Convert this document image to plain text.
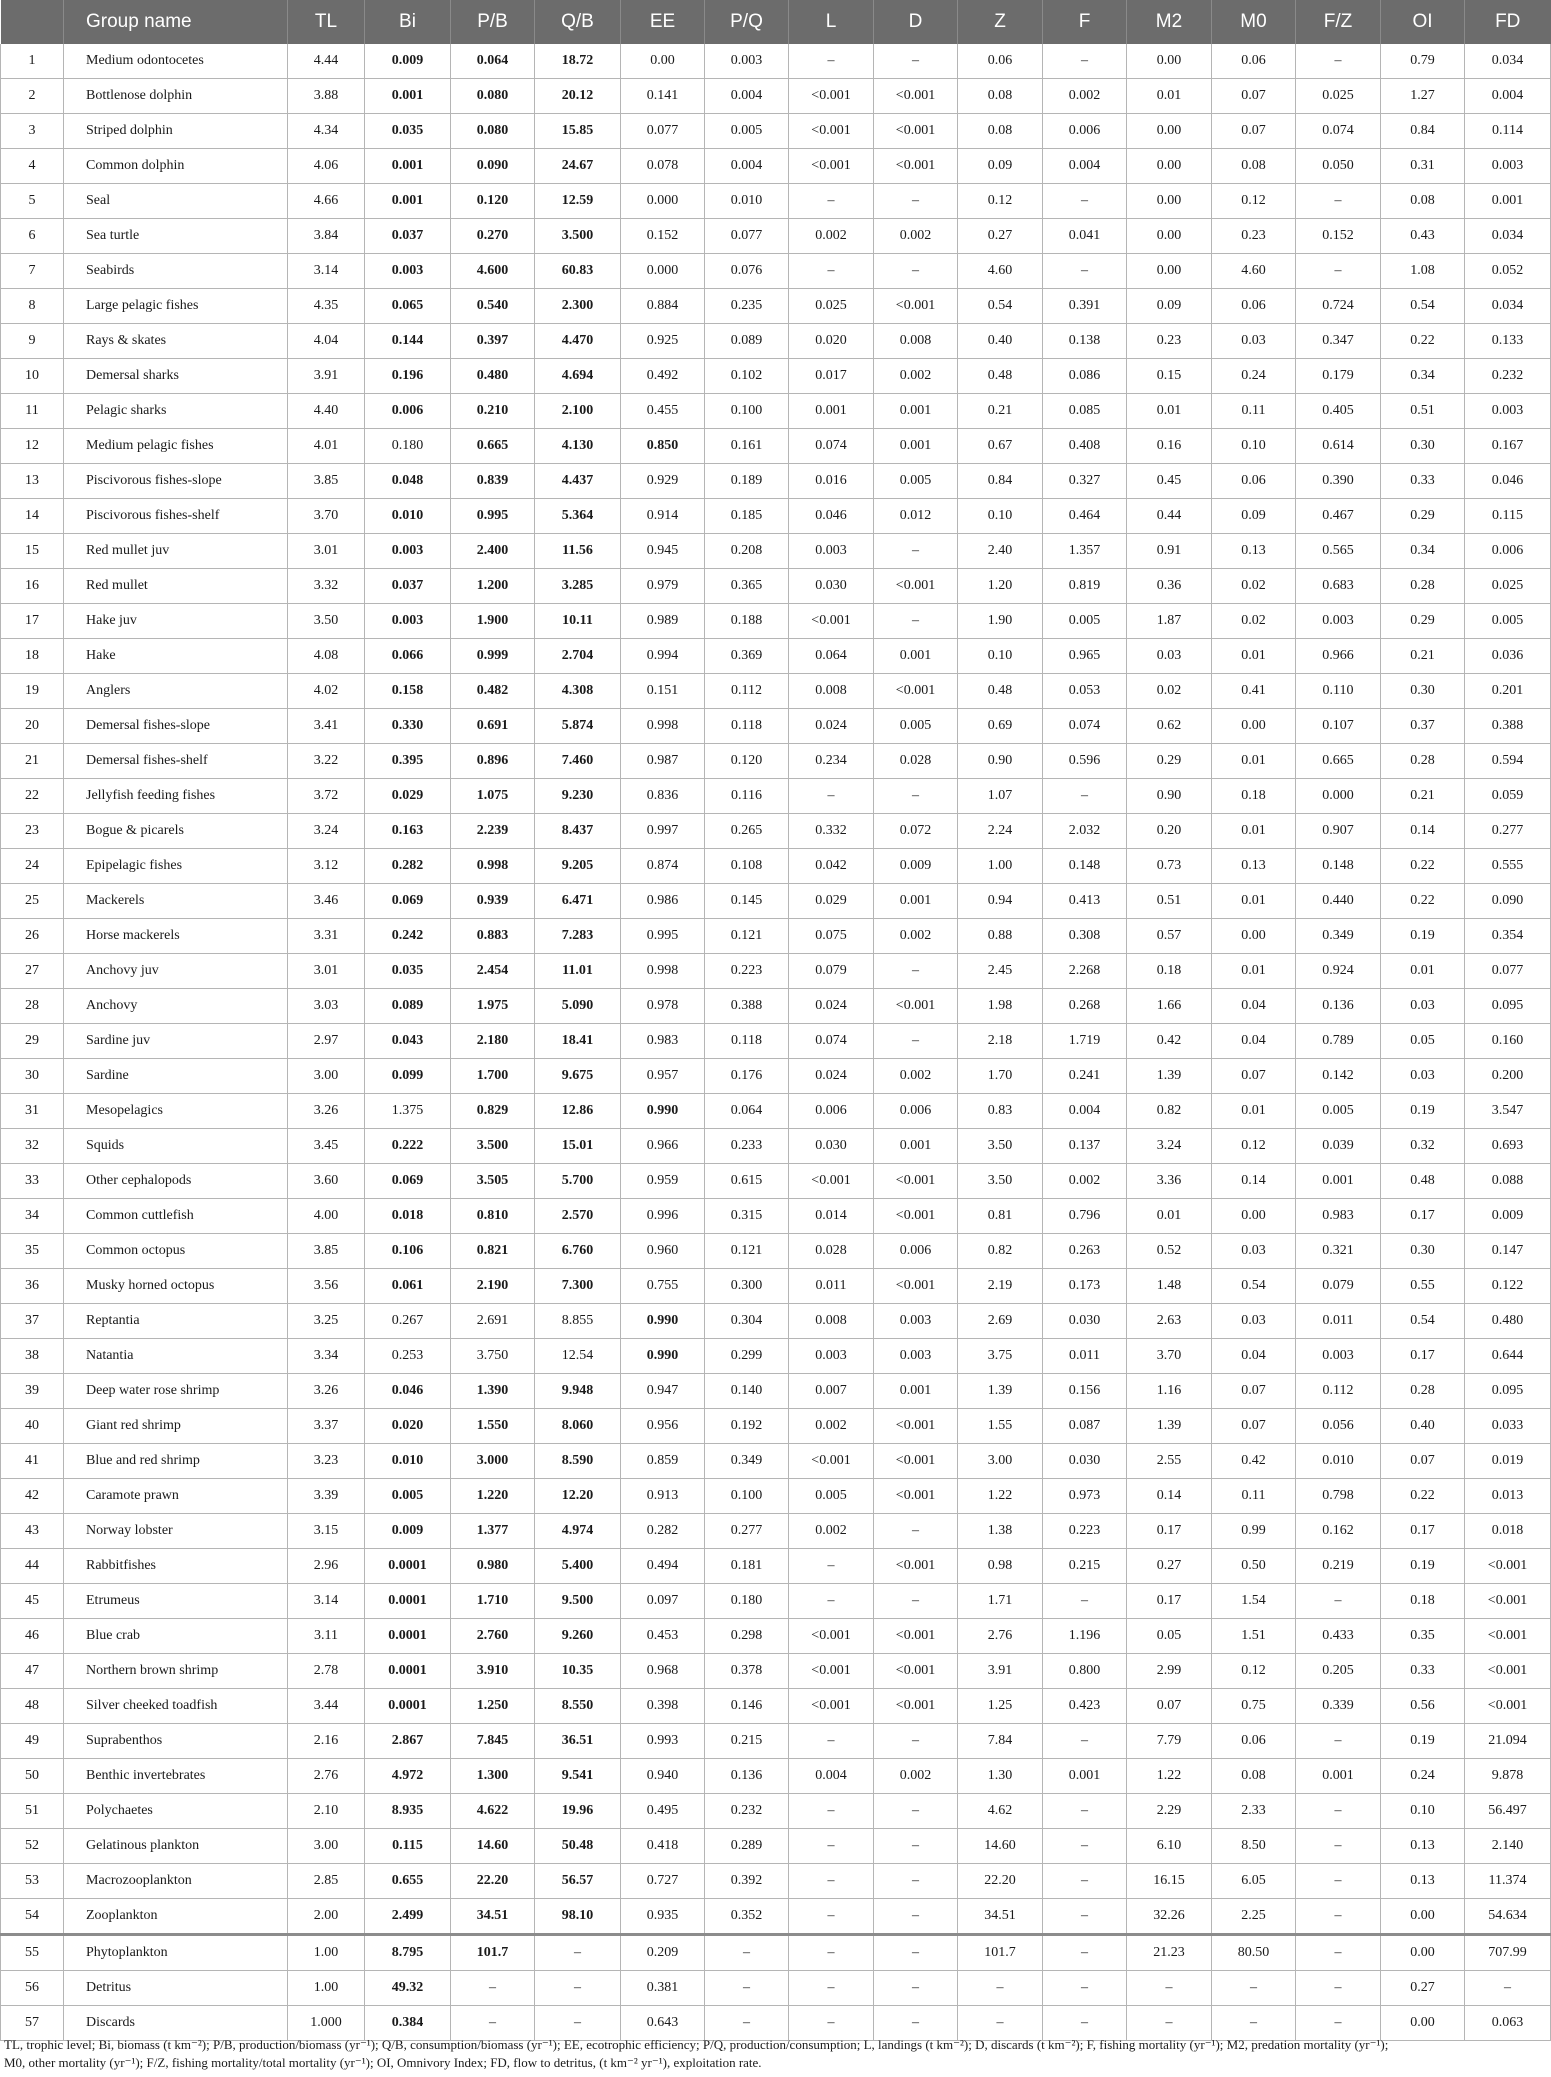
	Group name	TL	Bi	P/B	Q/B	EE	P/Q	L	D	Z	F	M2	M0	F/Z	OI	FD
1	Medium odontocetes	4.44	0.009	0.064	18.72	0.00	0.003	–	–	0.06	–	0.00	0.06	–	0.79	0.034
2	Bottlenose dolphin	3.88	0.001	0.080	20.12	0.141	0.004	<0.001	<0.001	0.08	0.002	0.01	0.07	0.025	1.27	0.004
3	Striped dolphin	4.34	0.035	0.080	15.85	0.077	0.005	<0.001	<0.001	0.08	0.006	0.00	0.07	0.074	0.84	0.114
4	Common dolphin	4.06	0.001	0.090	24.67	0.078	0.004	<0.001	<0.001	0.09	0.004	0.00	0.08	0.050	0.31	0.003
5	Seal	4.66	0.001	0.120	12.59	0.000	0.010	–	–	0.12	–	0.00	0.12	–	0.08	0.001
6	Sea turtle	3.84	0.037	0.270	3.500	0.152	0.077	0.002	0.002	0.27	0.041	0.00	0.23	0.152	0.43	0.034
7	Seabirds	3.14	0.003	4.600	60.83	0.000	0.076	–	–	4.60	–	0.00	4.60	–	1.08	0.052
8	Large pelagic fishes	4.35	0.065	0.540	2.300	0.884	0.235	0.025	<0.001	0.54	0.391	0.09	0.06	0.724	0.54	0.034
9	Rays & skates	4.04	0.144	0.397	4.470	0.925	0.089	0.020	0.008	0.40	0.138	0.23	0.03	0.347	0.22	0.133
10	Demersal sharks	3.91	0.196	0.480	4.694	0.492	0.102	0.017	0.002	0.48	0.086	0.15	0.24	0.179	0.34	0.232
11	Pelagic sharks	4.40	0.006	0.210	2.100	0.455	0.100	0.001	0.001	0.21	0.085	0.01	0.11	0.405	0.51	0.003
12	Medium pelagic fishes	4.01	0.180	0.665	4.130	0.850	0.161	0.074	0.001	0.67	0.408	0.16	0.10	0.614	0.30	0.167
13	Piscivorous fishes-slope	3.85	0.048	0.839	4.437	0.929	0.189	0.016	0.005	0.84	0.327	0.45	0.06	0.390	0.33	0.046
14	Piscivorous fishes-shelf	3.70	0.010	0.995	5.364	0.914	0.185	0.046	0.012	0.10	0.464	0.44	0.09	0.467	0.29	0.115
15	Red mullet juv	3.01	0.003	2.400	11.56	0.945	0.208	0.003	–	2.40	1.357	0.91	0.13	0.565	0.34	0.006
16	Red mullet	3.32	0.037	1.200	3.285	0.979	0.365	0.030	<0.001	1.20	0.819	0.36	0.02	0.683	0.28	0.025
17	Hake juv	3.50	0.003	1.900	10.11	0.989	0.188	<0.001	–	1.90	0.005	1.87	0.02	0.003	0.29	0.005
18	Hake	4.08	0.066	0.999	2.704	0.994	0.369	0.064	0.001	0.10	0.965	0.03	0.01	0.966	0.21	0.036
19	Anglers	4.02	0.158	0.482	4.308	0.151	0.112	0.008	<0.001	0.48	0.053	0.02	0.41	0.110	0.30	0.201
20	Demersal fishes-slope	3.41	0.330	0.691	5.874	0.998	0.118	0.024	0.005	0.69	0.074	0.62	0.00	0.107	0.37	0.388
21	Demersal fishes-shelf	3.22	0.395	0.896	7.460	0.987	0.120	0.234	0.028	0.90	0.596	0.29	0.01	0.665	0.28	0.594
22	Jellyfish feeding fishes	3.72	0.029	1.075	9.230	0.836	0.116	–	–	1.07	–	0.90	0.18	0.000	0.21	0.059
23	Bogue & picarels	3.24	0.163	2.239	8.437	0.997	0.265	0.332	0.072	2.24	2.032	0.20	0.01	0.907	0.14	0.277
24	Epipelagic fishes	3.12	0.282	0.998	9.205	0.874	0.108	0.042	0.009	1.00	0.148	0.73	0.13	0.148	0.22	0.555
25	Mackerels	3.46	0.069	0.939	6.471	0.986	0.145	0.029	0.001	0.94	0.413	0.51	0.01	0.440	0.22	0.090
26	Horse mackerels	3.31	0.242	0.883	7.283	0.995	0.121	0.075	0.002	0.88	0.308	0.57	0.00	0.349	0.19	0.354
27	Anchovy juv	3.01	0.035	2.454	11.01	0.998	0.223	0.079	–	2.45	2.268	0.18	0.01	0.924	0.01	0.077
28	Anchovy	3.03	0.089	1.975	5.090	0.978	0.388	0.024	<0.001	1.98	0.268	1.66	0.04	0.136	0.03	0.095
29	Sardine juv	2.97	0.043	2.180	18.41	0.983	0.118	0.074	–	2.18	1.719	0.42	0.04	0.789	0.05	0.160
30	Sardine	3.00	0.099	1.700	9.675	0.957	0.176	0.024	0.002	1.70	0.241	1.39	0.07	0.142	0.03	0.200
31	Mesopelagics	3.26	1.375	0.829	12.86	0.990	0.064	0.006	0.006	0.83	0.004	0.82	0.01	0.005	0.19	3.547
32	Squids	3.45	0.222	3.500	15.01	0.966	0.233	0.030	0.001	3.50	0.137	3.24	0.12	0.039	0.32	0.693
33	Other cephalopods	3.60	0.069	3.505	5.700	0.959	0.615	<0.001	<0.001	3.50	0.002	3.36	0.14	0.001	0.48	0.088
34	Common cuttlefish	4.00	0.018	0.810	2.570	0.996	0.315	0.014	<0.001	0.81	0.796	0.01	0.00	0.983	0.17	0.009
35	Common octopus	3.85	0.106	0.821	6.760	0.960	0.121	0.028	0.006	0.82	0.263	0.52	0.03	0.321	0.30	0.147
36	Musky horned octopus	3.56	0.061	2.190	7.300	0.755	0.300	0.011	<0.001	2.19	0.173	1.48	0.54	0.079	0.55	0.122
37	Reptantia	3.25	0.267	2.691	8.855	0.990	0.304	0.008	0.003	2.69	0.030	2.63	0.03	0.011	0.54	0.480
38	Natantia	3.34	0.253	3.750	12.54	0.990	0.299	0.003	0.003	3.75	0.011	3.70	0.04	0.003	0.17	0.644
39	Deep water rose shrimp	3.26	0.046	1.390	9.948	0.947	0.140	0.007	0.001	1.39	0.156	1.16	0.07	0.112	0.28	0.095
40	Giant red shrimp	3.37	0.020	1.550	8.060	0.956	0.192	0.002	<0.001	1.55	0.087	1.39	0.07	0.056	0.40	0.033
41	Blue and red shrimp	3.23	0.010	3.000	8.590	0.859	0.349	<0.001	<0.001	3.00	0.030	2.55	0.42	0.010	0.07	0.019
42	Caramote prawn	3.39	0.005	1.220	12.20	0.913	0.100	0.005	<0.001	1.22	0.973	0.14	0.11	0.798	0.22	0.013
43	Norway lobster	3.15	0.009	1.377	4.974	0.282	0.277	0.002	–	1.38	0.223	0.17	0.99	0.162	0.17	0.018
44	Rabbitfishes	2.96	0.0001	0.980	5.400	0.494	0.181	–	<0.001	0.98	0.215	0.27	0.50	0.219	0.19	<0.001
45	Etrumeus	3.14	0.0001	1.710	9.500	0.097	0.180	–	–	1.71	–	0.17	1.54	–	0.18	<0.001
46	Blue crab	3.11	0.0001	2.760	9.260	0.453	0.298	<0.001	<0.001	2.76	1.196	0.05	1.51	0.433	0.35	<0.001
47	Northern brown shrimp	2.78	0.0001	3.910	10.35	0.968	0.378	<0.001	<0.001	3.91	0.800	2.99	0.12	0.205	0.33	<0.001
48	Silver cheeked toadfish	3.44	0.0001	1.250	8.550	0.398	0.146	<0.001	<0.001	1.25	0.423	0.07	0.75	0.339	0.56	<0.001
49	Suprabenthos	2.16	2.867	7.845	36.51	0.993	0.215	–	–	7.84	–	7.79	0.06	–	0.19	21.094
50	Benthic invertebrates	2.76	4.972	1.300	9.541	0.940	0.136	0.004	0.002	1.30	0.001	1.22	0.08	0.001	0.24	9.878
51	Polychaetes	2.10	8.935	4.622	19.96	0.495	0.232	–	–	4.62	–	2.29	2.33	–	0.10	56.497
52	Gelatinous plankton	3.00	0.115	14.60	50.48	0.418	0.289	–	–	14.60	–	6.10	8.50	–	0.13	2.140
53	Macrozooplankton	2.85	0.655	22.20	56.57	0.727	0.392	–	–	22.20	–	16.15	6.05	–	0.13	11.374
54	Zooplankton	2.00	2.499	34.51	98.10	0.935	0.352	–	–	34.51	–	32.26	2.25	–	0.00	54.634
55	Phytoplankton	1.00	8.795	101.7	–	0.209	–	–	–	101.7	–	21.23	80.50	–	0.00	707.99
56	Detritus	1.00	49.32	–	–	0.381	–	–	–	–	–	–	–	–	0.27	–
57	Discards	1.000	0.384	–	–	0.643	–	–	–	–	–	–	–	–	0.00	0.063
TL, trophic level; Bi, biomass (t km⁻²); P/B, production/biomass (yr⁻¹); Q/B, consumption/biomass (yr⁻¹); EE, ecotrophic efficiency; P/Q, production/consumption; L, landings (t km⁻²); D, discards (t km⁻²); F, fishing mortality (yr⁻¹); M2, predation mortality (yr⁻¹);
M0, other mortality (yr⁻¹); F/Z, fishing mortality/total mortality (yr⁻¹); OI, Omnivory Index; FD, flow to detritus, (t km⁻² yr⁻¹), exploitation rate.
